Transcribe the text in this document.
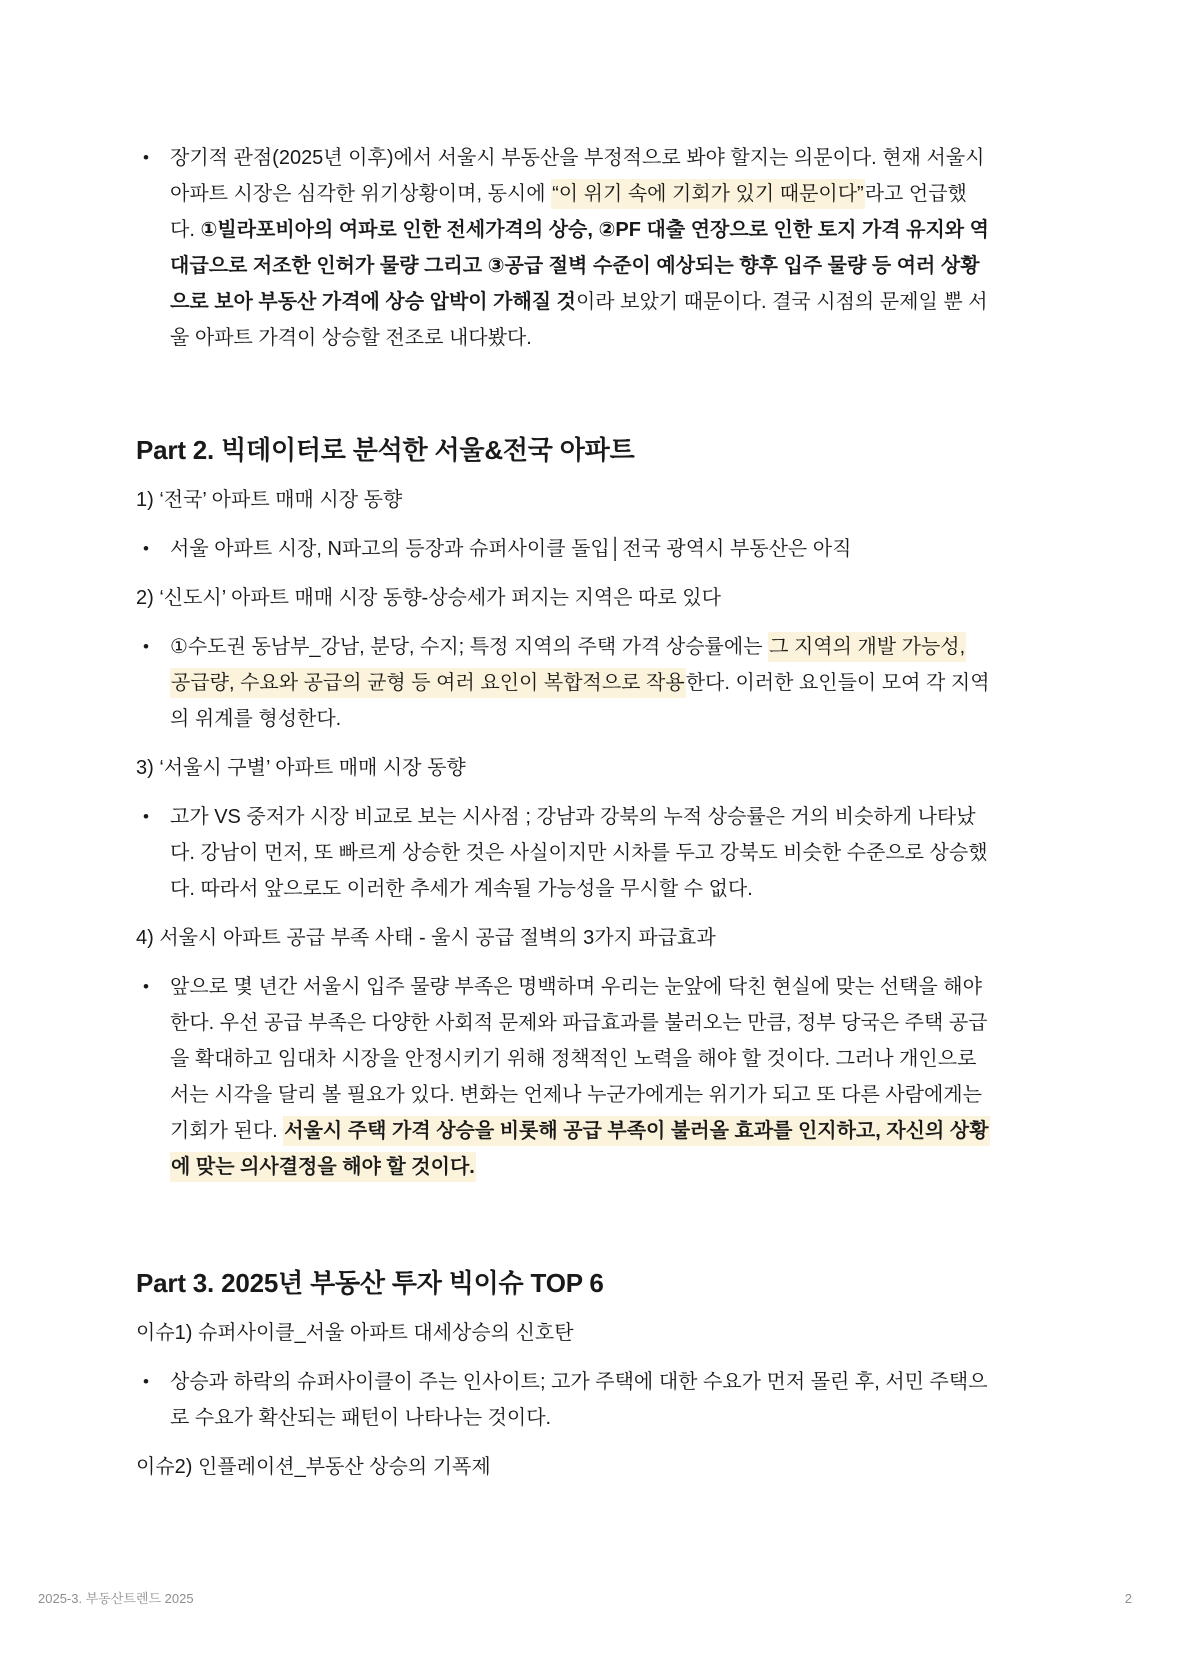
•	장기적 관점(2025년 이후)에서 서울시 부동산을 부정적으로 봐야 할지는 의문이다. 현재 서울시 아파트 시장은 심각한 위기상황이며, 동시에 “이 위기 속에 기회가 있기 때문이다”라고 언급했다. ①빌라포비아의 여파로 인한 전세가격의 상승, ②PF 대출 연장으로 인한 토지 가격 유지와 역대급으로 저조한 인허가 물량 그리고 ③공급 절벽 수준이 예상되는 향후 입주 물량 등 여러 상황으로 보아 부동산 가격에 상승 압박이 가해질 것이라 보았기 때문이다. 결국 시점의 문제일 뿐 서울 아파트 가격이 상승할 전조로 내다봤다.
Part 2. 빅데이터로 분석한 서울&전국 아파트

1) ‘전국’ 아파트 매매 시장 동향

•	서울 아파트 시장, N파고의 등장과 슈퍼사이클 돌입│전국 광역시 부동산은 아직

2) ‘신도시’ 아파트 매매 시장 동향-상승세가 퍼지는 지역은 따로 있다

•	①수도권 동남부_강남, 분당, 수지; 특정 지역의 주택 가격 상승률에는 그 지역의 개발 가능성, 공급량, 수요와 공급의 균형 등 여러 요인이 복합적으로 작용한다. 이러한 요인들이 모여 각 지역의 위계를 형성한다.

3) ‘서울시 구별’ 아파트 매매 시장 동향

•	고가 VS 중저가 시장 비교로 보는 시사점 ; 강남과 강북의 누적 상승률은 거의 비슷하게 나타났다. 강남이 먼저, 또 빠르게 상승한 것은 사실이지만 시차를 두고 강북도 비슷한 수준으로 상승했다. 따라서 앞으로도 이러한 추세가 계속될 가능성을 무시할 수 없다.

4) 서울시 아파트 공급 부족 사태 - 울시 공급 절벽의 3가지 파급효과

•	앞으로 몇 년간 서울시 입주 물량 부족은 명백하며 우리는 눈앞에 닥친 현실에 맞는 선택을 해야 한다. 우선 공급 부족은 다양한 사회적 문제와 파급효과를 불러오는 만큼, 정부 당국은 주택 공급을 확대하고 임대차 시장을 안정시키기 위해 정책적인 노력을 해야 할 것이다. 그러나 개인으로서는 시각을 달리 볼 필요가 있다. 변화는 언제나 누군가에게는 위기가 되고 또 다른 사람에게는 기회가 된다. 서울시 주택 가격 상승을 비롯해 공급 부족이 불러올 효과를 인지하고, 자신의 상황에 맞는 의사결정을 해야 할 것이다.
Part 3. 2025년 부동산 투자 빅이슈 TOP 6

이슈1) 슈퍼사이클_서울 아파트 대세상승의 신호탄

•	상승과 하락의 슈퍼사이클이 주는 인사이트; 고가 주택에 대한 수요가 먼저 몰린 후, 서민 주택으로 수요가 확산되는 패턴이 나타나는 것이다.

이슈2) 인플레이션_부동산 상승의 기폭제

2025-3. 부동산트렌드 2025	2
